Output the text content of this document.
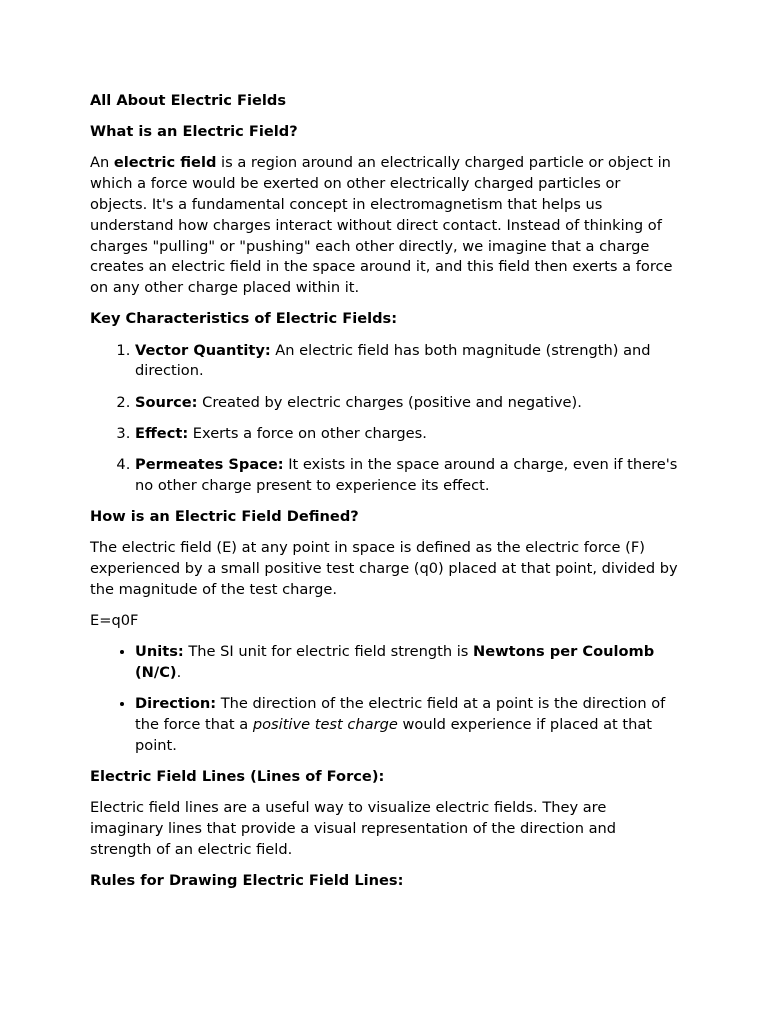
All About Electric Fields
What is an Electric Field?

An electric field is a region around an electrically charged particle or object in which a force would be exerted on other electrically charged particles or objects. It's a fundamental concept in electromagnetism that helps us understand how charges interact without direct contact. Instead of thinking of charges "pulling" or "pushing" each other directly, we imagine that a charge creates an electric field in the space around it, and this field then exerts a force on any other charge placed within it.

Key Characteristics of Electric Fields:
1. Vector Quantity: An electric field has both magnitude (strength) and direction.
2. Source: Created by electric charges (positive and negative).
3. Effect: Exerts a force on other charges.
4. Permeates Space: It exists in the space around a charge, even if there's no other charge present to experience its effect.
How is an Electric Field Defined?

The electric field (E) at any point in space is defined as the electric force (F) experienced by a small positive test charge (q0) placed at that point, divided by the magnitude of the test charge.

E=q0F

• Units: The SI unit for electric field strength is Newtons per Coulomb (N/C).
• Direction: The direction of the electric field at a point is the direction of the force that a positive test charge would experience if placed at that point.
Electric Field Lines (Lines of Force):

Electric field lines are a useful way to visualize electric fields. They are imaginary lines that provide a visual representation of the direction and strength of an electric field.

Rules for Drawing Electric Field Lines:
